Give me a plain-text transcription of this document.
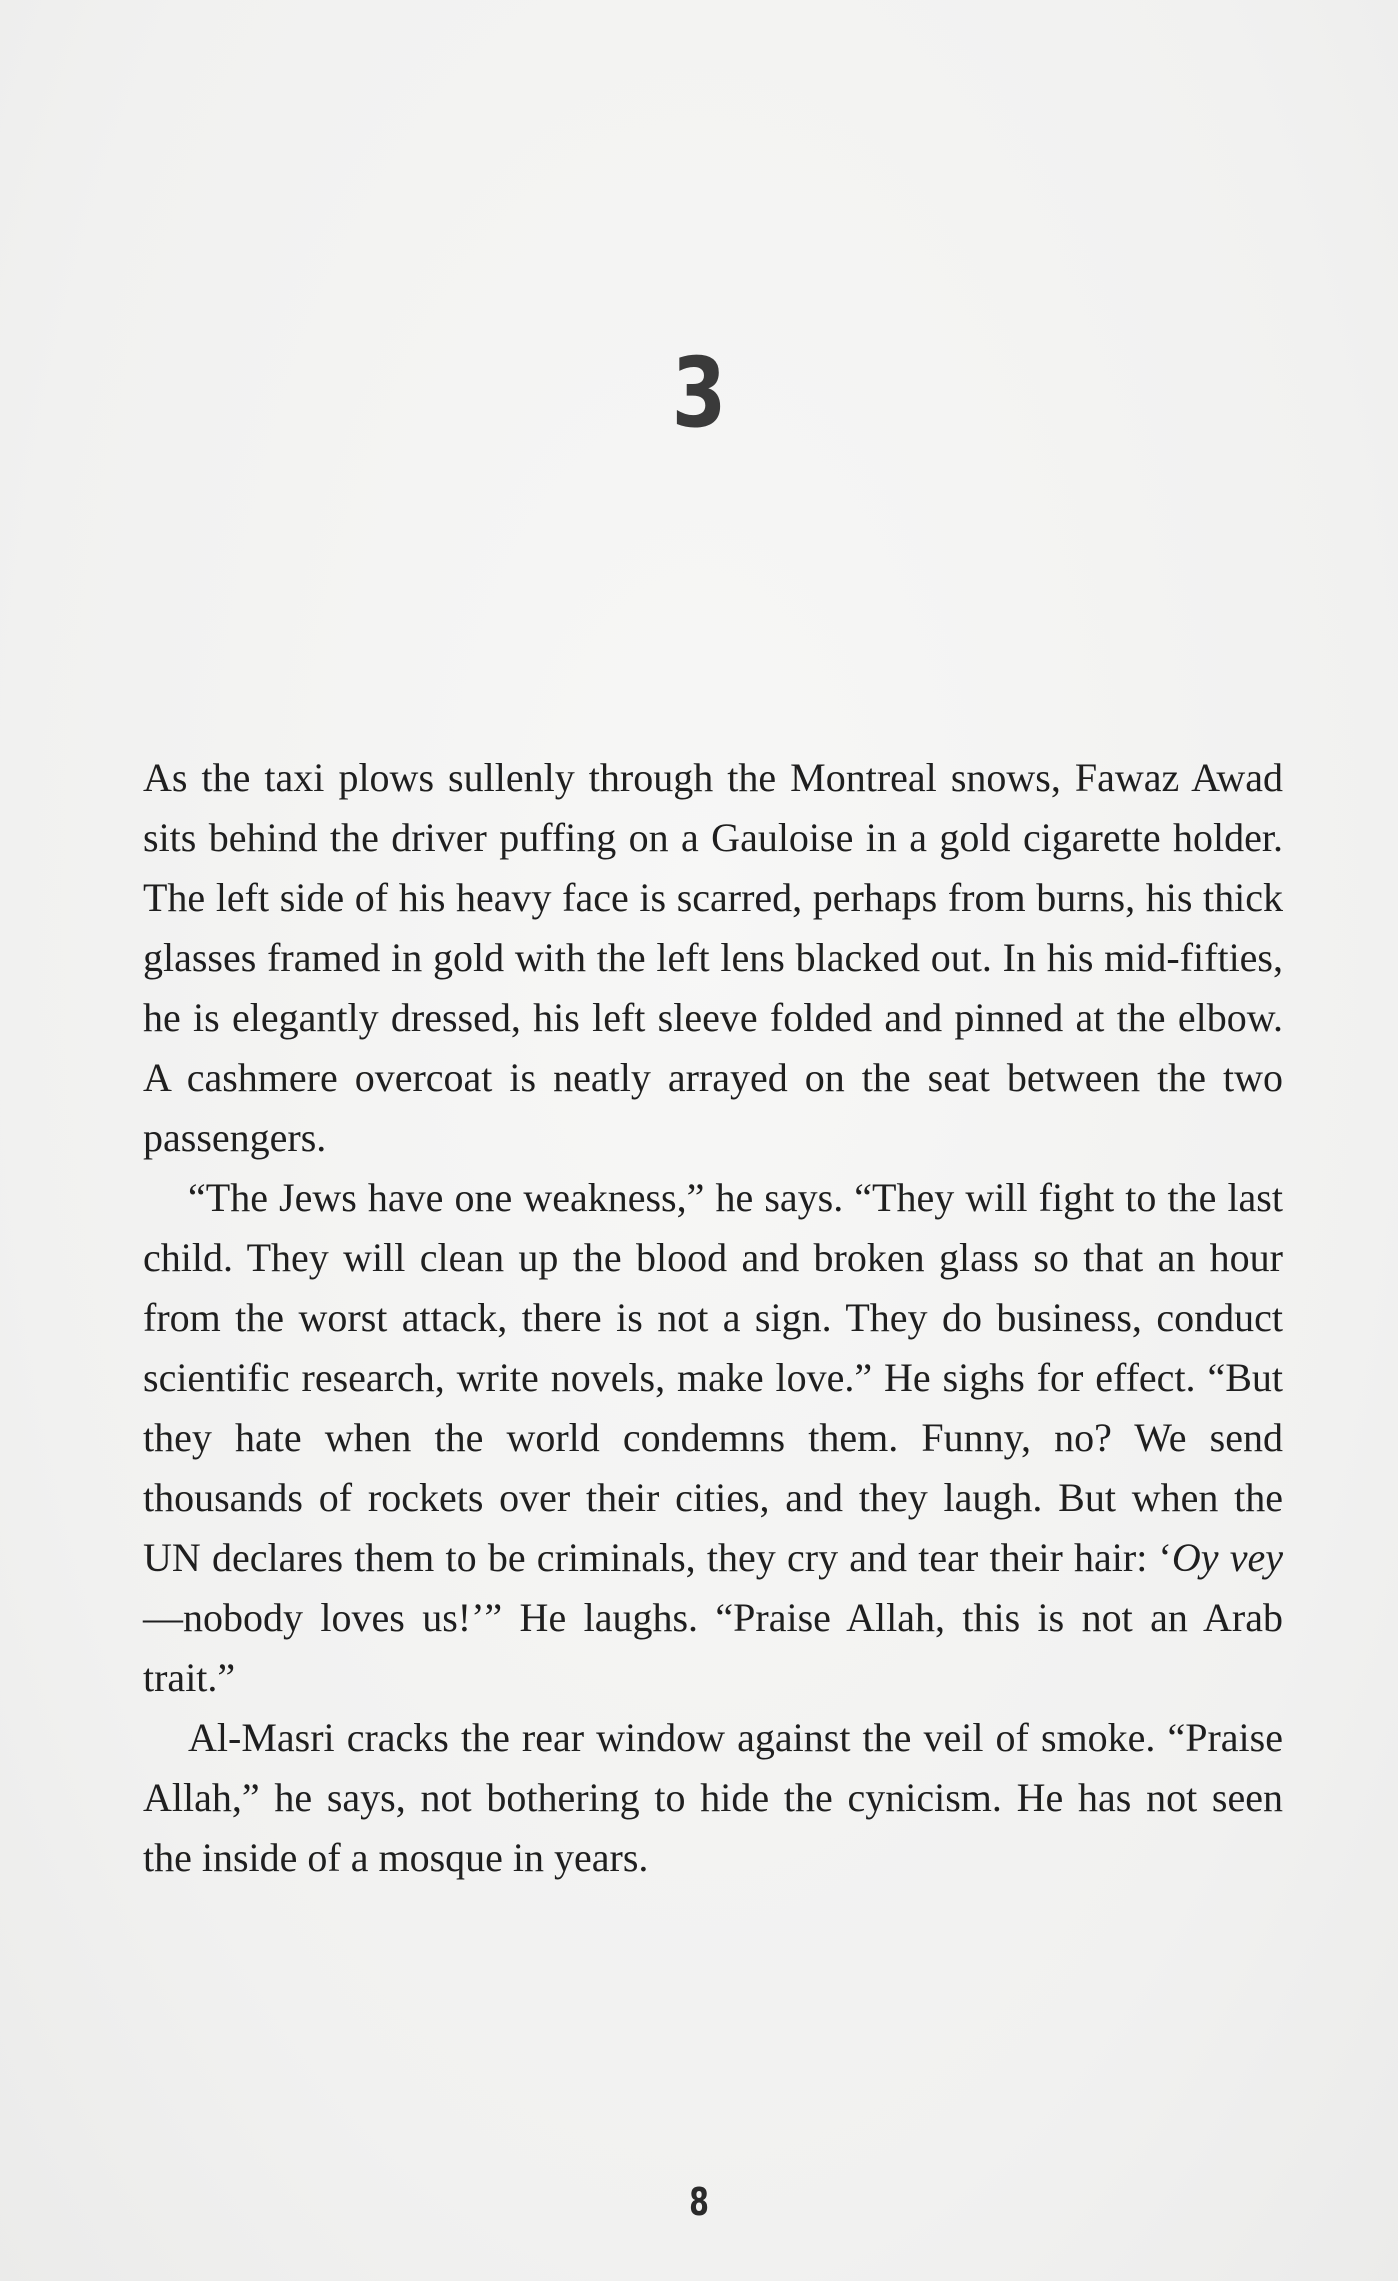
3

As the taxi plows sullenly through the Montreal snows, Fawaz Awad sits behind the driver puffing on a Gauloise in a gold cigarette holder. The left side of his heavy face is scarred, perhaps from burns, his thick glasses framed in gold with the left lens blacked out. In his mid-fifties, he is elegantly dressed, his left sleeve folded and pinned at the elbow. A cashmere overcoat is neatly arrayed on the seat between the two passengers.

“The Jews have one weakness,” he says. “They will fight to the last child. They will clean up the blood and broken glass so that an hour from the worst attack, there is not a sign. They do business, conduct scientific research, write novels, make love.” He sighs for effect. “But they hate when the world condemns them. Funny, no? We send thousands of rockets over their cities, and they laugh. But when the UN declares them to be criminals, they cry and tear their hair: ‘Oy vey—nobody loves us!’” He laughs. “Praise Allah, this is not an Arab trait.”

Al-Masri cracks the rear window against the veil of smoke. “Praise Allah,” he says, not bothering to hide the cynicism. He has not seen the inside of a mosque in years.

8
